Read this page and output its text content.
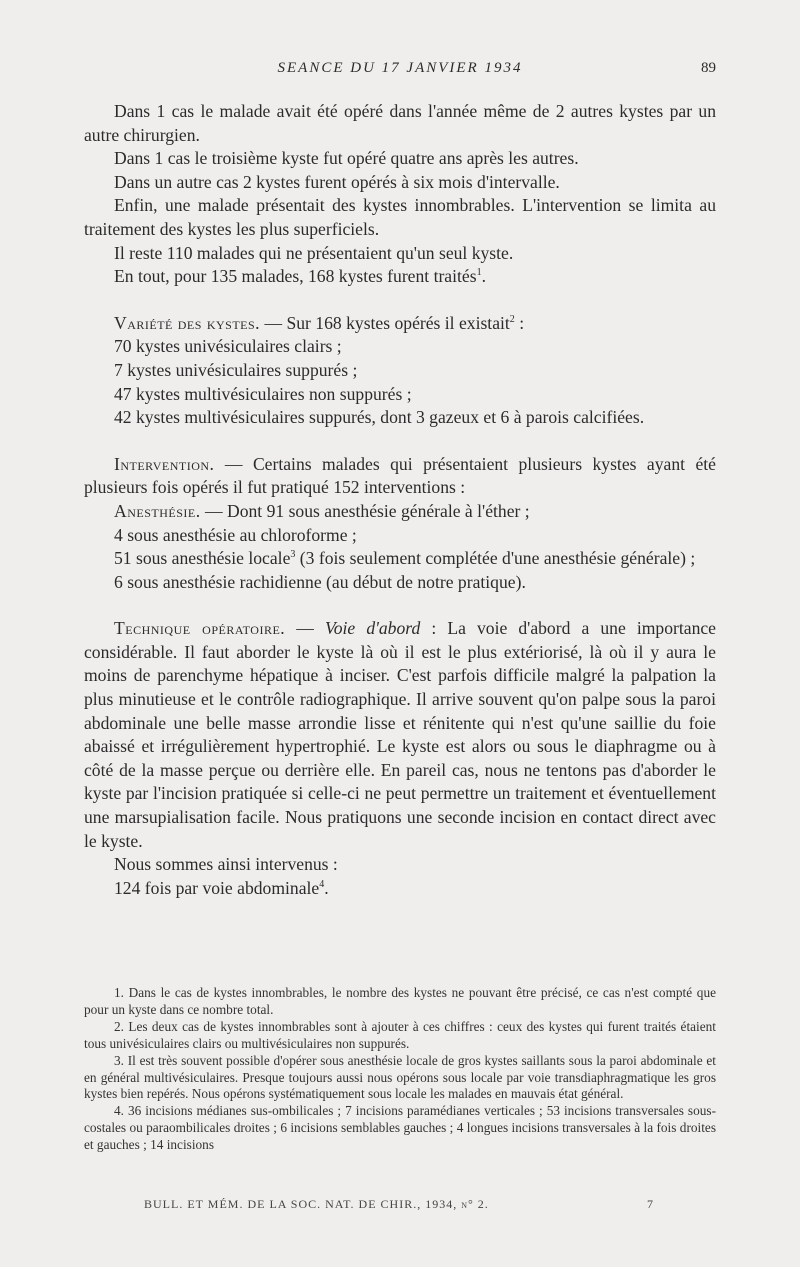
SEANCE DU 17 JANVIER 1934	89

Dans 1 cas le malade avait été opéré dans l'année même de 2 autres kystes par un autre chirurgien.

Dans 1 cas le troisième kyste fut opéré quatre ans après les autres.

Dans un autre cas 2 kystes furent opérés à six mois d'intervalle.

Enfin, une malade présentait des kystes innombrables. L'intervention se limita au traitement des kystes les plus superficiels.

Il reste 110 malades qui ne présentaient qu'un seul kyste.

En tout, pour 135 malades, 168 kystes furent traités$^1$.

Variété des kystes. — Sur 168 kystes opérés il existait$^2$ :

70 kystes univésiculaires clairs ;

7 kystes univésiculaires suppurés ;

47 kystes multivésiculaires non suppurés ;

42 kystes multivésiculaires suppurés, dont 3 gazeux et 6 à parois calcifiées.

Intervention. — Certains malades qui présentaient plusieurs kystes ayant été plusieurs fois opérés il fut pratiqué 152 interventions :

Anesthésie. — Dont 91 sous anesthésie générale à l'éther ;

4 sous anesthésie au chloroforme ;

51 sous anesthésie locale$^3$ (3 fois seulement complétée d'une anesthésie générale) ;

6 sous anesthésie rachidienne (au début de notre pratique).

Technique opératoire. — Voie d'abord : La voie d'abord a une importance considérable. Il faut aborder le kyste là où il est le plus extériorisé, là où il y aura le moins de parenchyme hépatique à inciser. C'est parfois difficile malgré la palpation la plus minutieuse et le contrôle radiographique. Il arrive souvent qu'on palpe sous la paroi abdominale une belle masse arrondie lisse et rénitente qui n'est qu'une saillie du foie abaissé et irrégulièrement hypertrophié. Le kyste est alors ou sous le diaphragme ou à côté de la masse perçue ou derrière elle. En pareil cas, nous ne tentons pas d'aborder le kyste par l'incision pratiquée si celle-ci ne peut permettre un traitement et éventuellement une marsupialisation facile. Nous pratiquons une seconde incision en contact direct avec le kyste.

Nous sommes ainsi intervenus :

124 fois par voie abdominale$^4$.

1. Dans le cas de kystes innombrables, le nombre des kystes ne pouvant être précisé, ce cas n'est compté que pour un kyste dans ce nombre total.

2. Les deux cas de kystes innombrables sont à ajouter à ces chiffres : ceux des kystes qui furent traités étaient tous univésiculaires clairs ou multivésiculaires non suppurés.

3. Il est très souvent possible d'opérer sous anesthésie locale de gros kystes saillants sous la paroi abdominale et en général multivésiculaires. Presque toujours aussi nous opérons sous locale par voie transdiaphragmatique les gros kystes bien repérés. Nous opérons systématiquement sous locale les malades en mauvais état général.

4. 36 incisions médianes sus-ombilicales ; 7 incisions paramédianes verticales ; 53 incisions transversales sous-costales ou paraombilicales droites ; 6 incisions semblables gauches ; 4 longues incisions transversales à la fois droites et gauches ; 14 incisions

BULL. ET MÉM. DE LA SOC. NAT. DE CHIR., 1934, n° 2.	7
